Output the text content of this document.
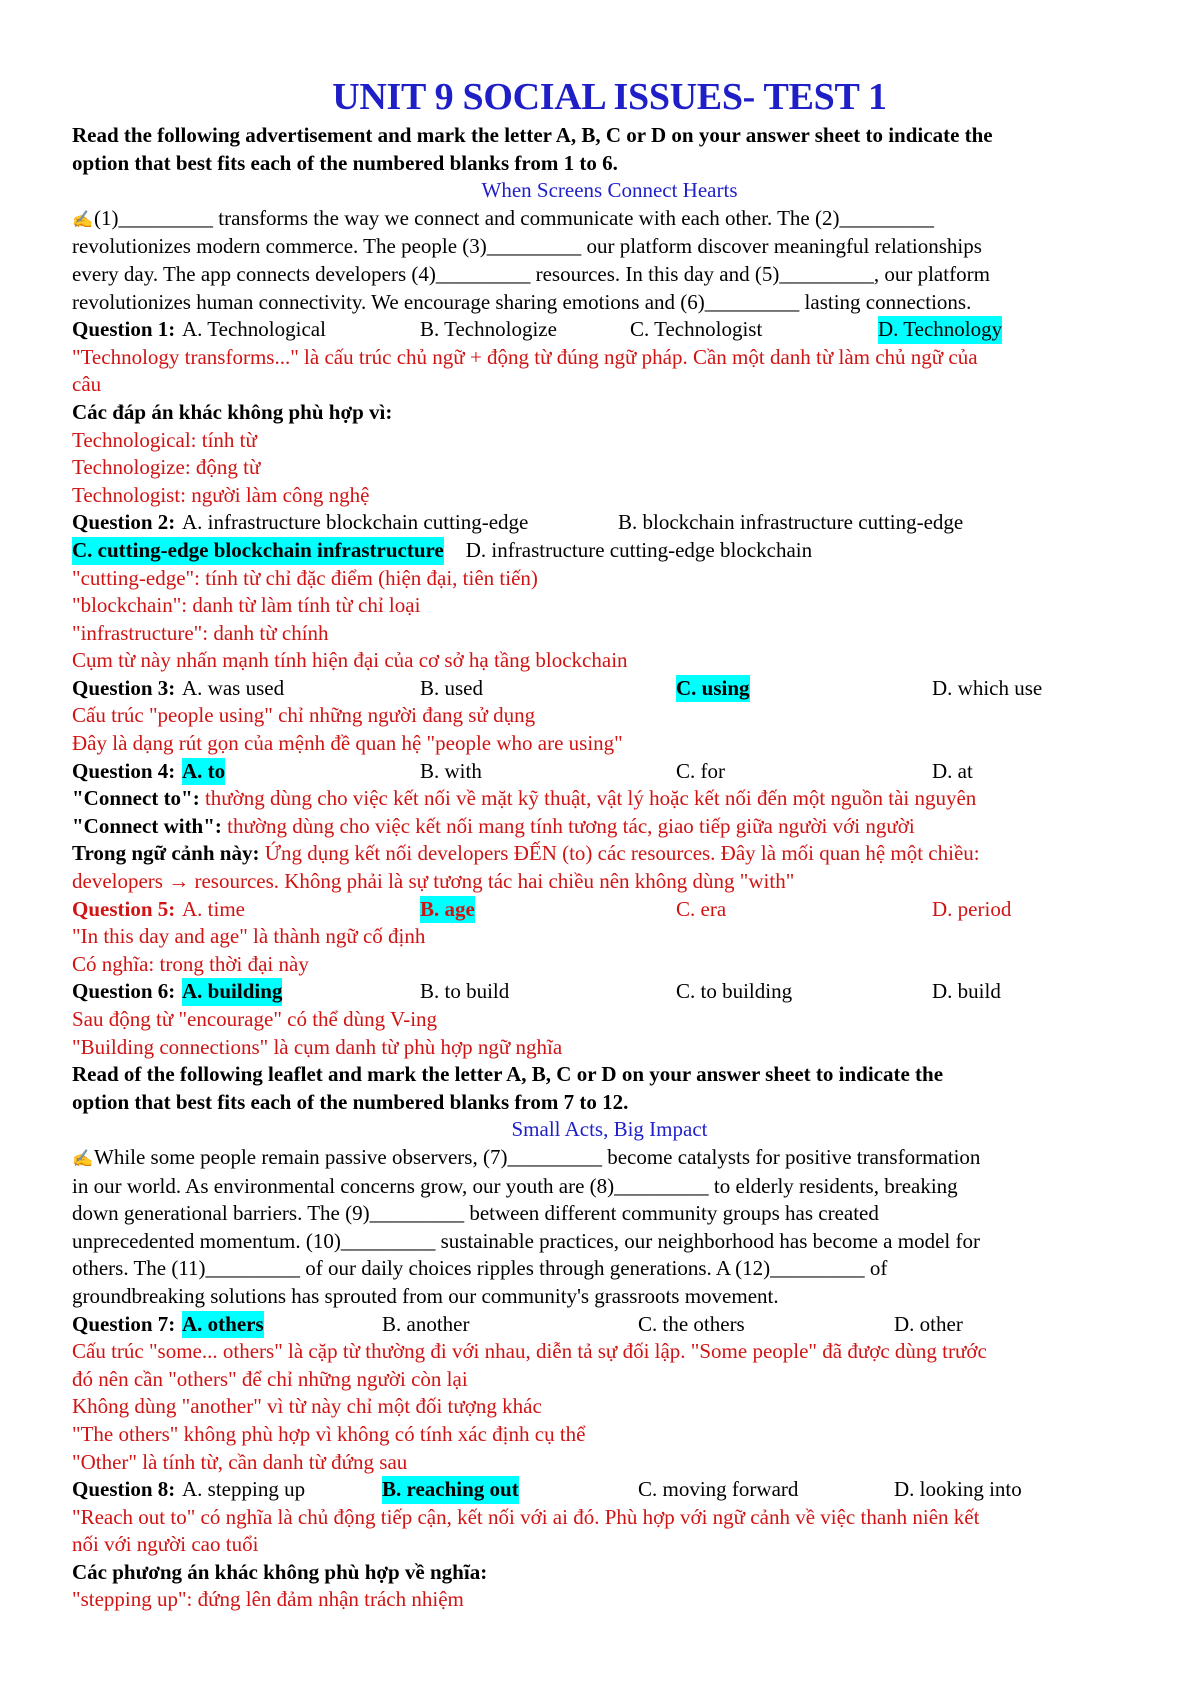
UNIT 9 SOCIAL ISSUES- TEST 1
Read the following advertisement and mark the letter A, B, C or D on your answer sheet to indicate the
option that best fits each of the numbered blanks from 1 to 6.
When Screens Connect Hearts
✍(1)_________ transforms the way we connect and communicate with each other. The (2)_________
revolutionizes modern commerce. The people (3)_________ our platform discover meaningful relationships
every day. The app connects developers (4)_________ resources. In this day and (5)_________, our platform
revolutionizes human connectivity. We encourage sharing emotions and (6)_________ lasting connections.
Question 1: A. Technological	B. Technologize	C. Technologist	D. Technology
"Technology transforms..." là cấu trúc chủ ngữ + động từ đúng ngữ pháp. Cần một danh từ làm chủ ngữ của
câu
Các đáp án khác không phù hợp vì:
Technological: tính từ
Technologize: động từ
Technologist: người làm công nghệ
Question 2: A. infrastructure blockchain cutting-edge	B. blockchain infrastructure cutting-edge
C. cutting-edge blockchain infrastructure D. infrastructure cutting-edge blockchain
"cutting-edge": tính từ chỉ đặc điểm (hiện đại, tiên tiến)
"blockchain": danh từ làm tính từ chỉ loại
"infrastructure": danh từ chính
Cụm từ này nhấn mạnh tính hiện đại của cơ sở hạ tầng blockchain
Question 3: A. was used	B. used	C. using	D. which use
Cấu trúc "people using" chỉ những người đang sử dụng
Đây là dạng rút gọn của mệnh đề quan hệ "people who are using"
Question 4: A. to	B. with	C. for	D. at
"Connect to": thường dùng cho việc kết nối về mặt kỹ thuật, vật lý hoặc kết nối đến một nguồn tài nguyên
"Connect with": thường dùng cho việc kết nối mang tính tương tác, giao tiếp giữa người với người
Trong ngữ cảnh này: Ứng dụng kết nối developers ĐẾN (to) các resources. Đây là mối quan hệ một chiều:
developers → resources. Không phải là sự tương tác hai chiều nên không dùng "with"
Question 5: A. time	B. age	C. era	D. period
"In this day and age" là thành ngữ cố định
Có nghĩa: trong thời đại này
Question 6: A. building	B. to build	C. to building	D. build
Sau động từ "encourage" có thể dùng V-ing
"Building connections" là cụm danh từ phù hợp ngữ nghĩa
Read of the following leaflet and mark the letter A, B, C or D on your answer sheet to indicate the
option that best fits each of the numbered blanks from 7 to 12.
Small Acts, Big Impact
✍While some people remain passive observers, (7)_________ become catalysts for positive transformation
in our world. As environmental concerns grow, our youth are (8)_________ to elderly residents, breaking
down generational barriers. The (9)_________ between different community groups has created
unprecedented momentum. (10)_________ sustainable practices, our neighborhood has become a model for
others. The (11)_________ of our daily choices ripples through generations. A (12)_________ of
groundbreaking solutions has sprouted from our community's grassroots movement.
Question 7: A. others	B. another	C. the others	D. other
Cấu trúc "some... others" là cặp từ thường đi với nhau, diễn tả sự đối lập. "Some people" đã được dùng trước
đó nên cần "others" để chỉ những người còn lại
Không dùng "another" vì từ này chỉ một đối tượng khác
"The others" không phù hợp vì không có tính xác định cụ thể
"Other" là tính từ, cần danh từ đứng sau
Question 8: A. stepping up	B. reaching out	C. moving forward	D. looking into
"Reach out to" có nghĩa là chủ động tiếp cận, kết nối với ai đó. Phù hợp với ngữ cảnh về việc thanh niên kết
nối với người cao tuổi
Các phương án khác không phù hợp về nghĩa:
"stepping up": đứng lên đảm nhận trách nhiệm
